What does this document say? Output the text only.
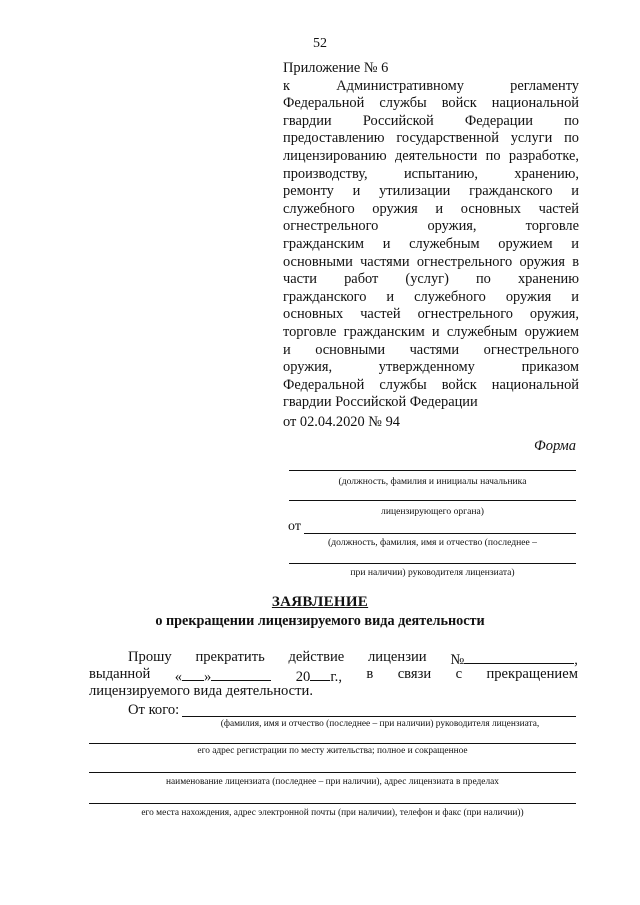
52
Приложение № 6
к Административному регламенту
Федеральной службы войск национальной
гвардии Российской Федерации по
предоставлению государственной услуги по
лицензированию деятельности по разработке,
производству, испытанию, хранению,
ремонту и утилизации гражданского и
служебного оружия и основных частей
огнестрельного оружия, торговле
гражданским и служебным оружием и
основными частями огнестрельного оружия в
части работ (услуг) по хранению
гражданского и служебного оружия и
основных частей огнестрельного оружия,
торговле гражданским и служебным оружием
и основными частями огнестрельного
оружия, утвержденному приказом
Федеральной службы войск национальной
гвардии Российской Федерации
от 02.04.2020 № 94
Форма
(должность, фамилия и инициалы начальника
лицензирующего органа)
от
(должность, фамилия, имя и отчество (последнее –
при наличии) руководителя лицензиата)
ЗАЯВЛЕНИЕ
о прекращении лицензируемого вида деятельности
Прошу прекратить действие лицензии №	,
выданной « »	20 г., в связи с прекращением
лицензируемого вида деятельности.
От кого:
(фамилия, имя и отчество (последнее – при наличии) руководителя лицензиата,
его адрес регистрации по месту жительства; полное и сокращенное
наименование лицензиата (последнее – при наличии), адрес лицензиата в пределах
его места нахождения, адрес электронной почты (при наличии), телефон и факс (при наличии))
